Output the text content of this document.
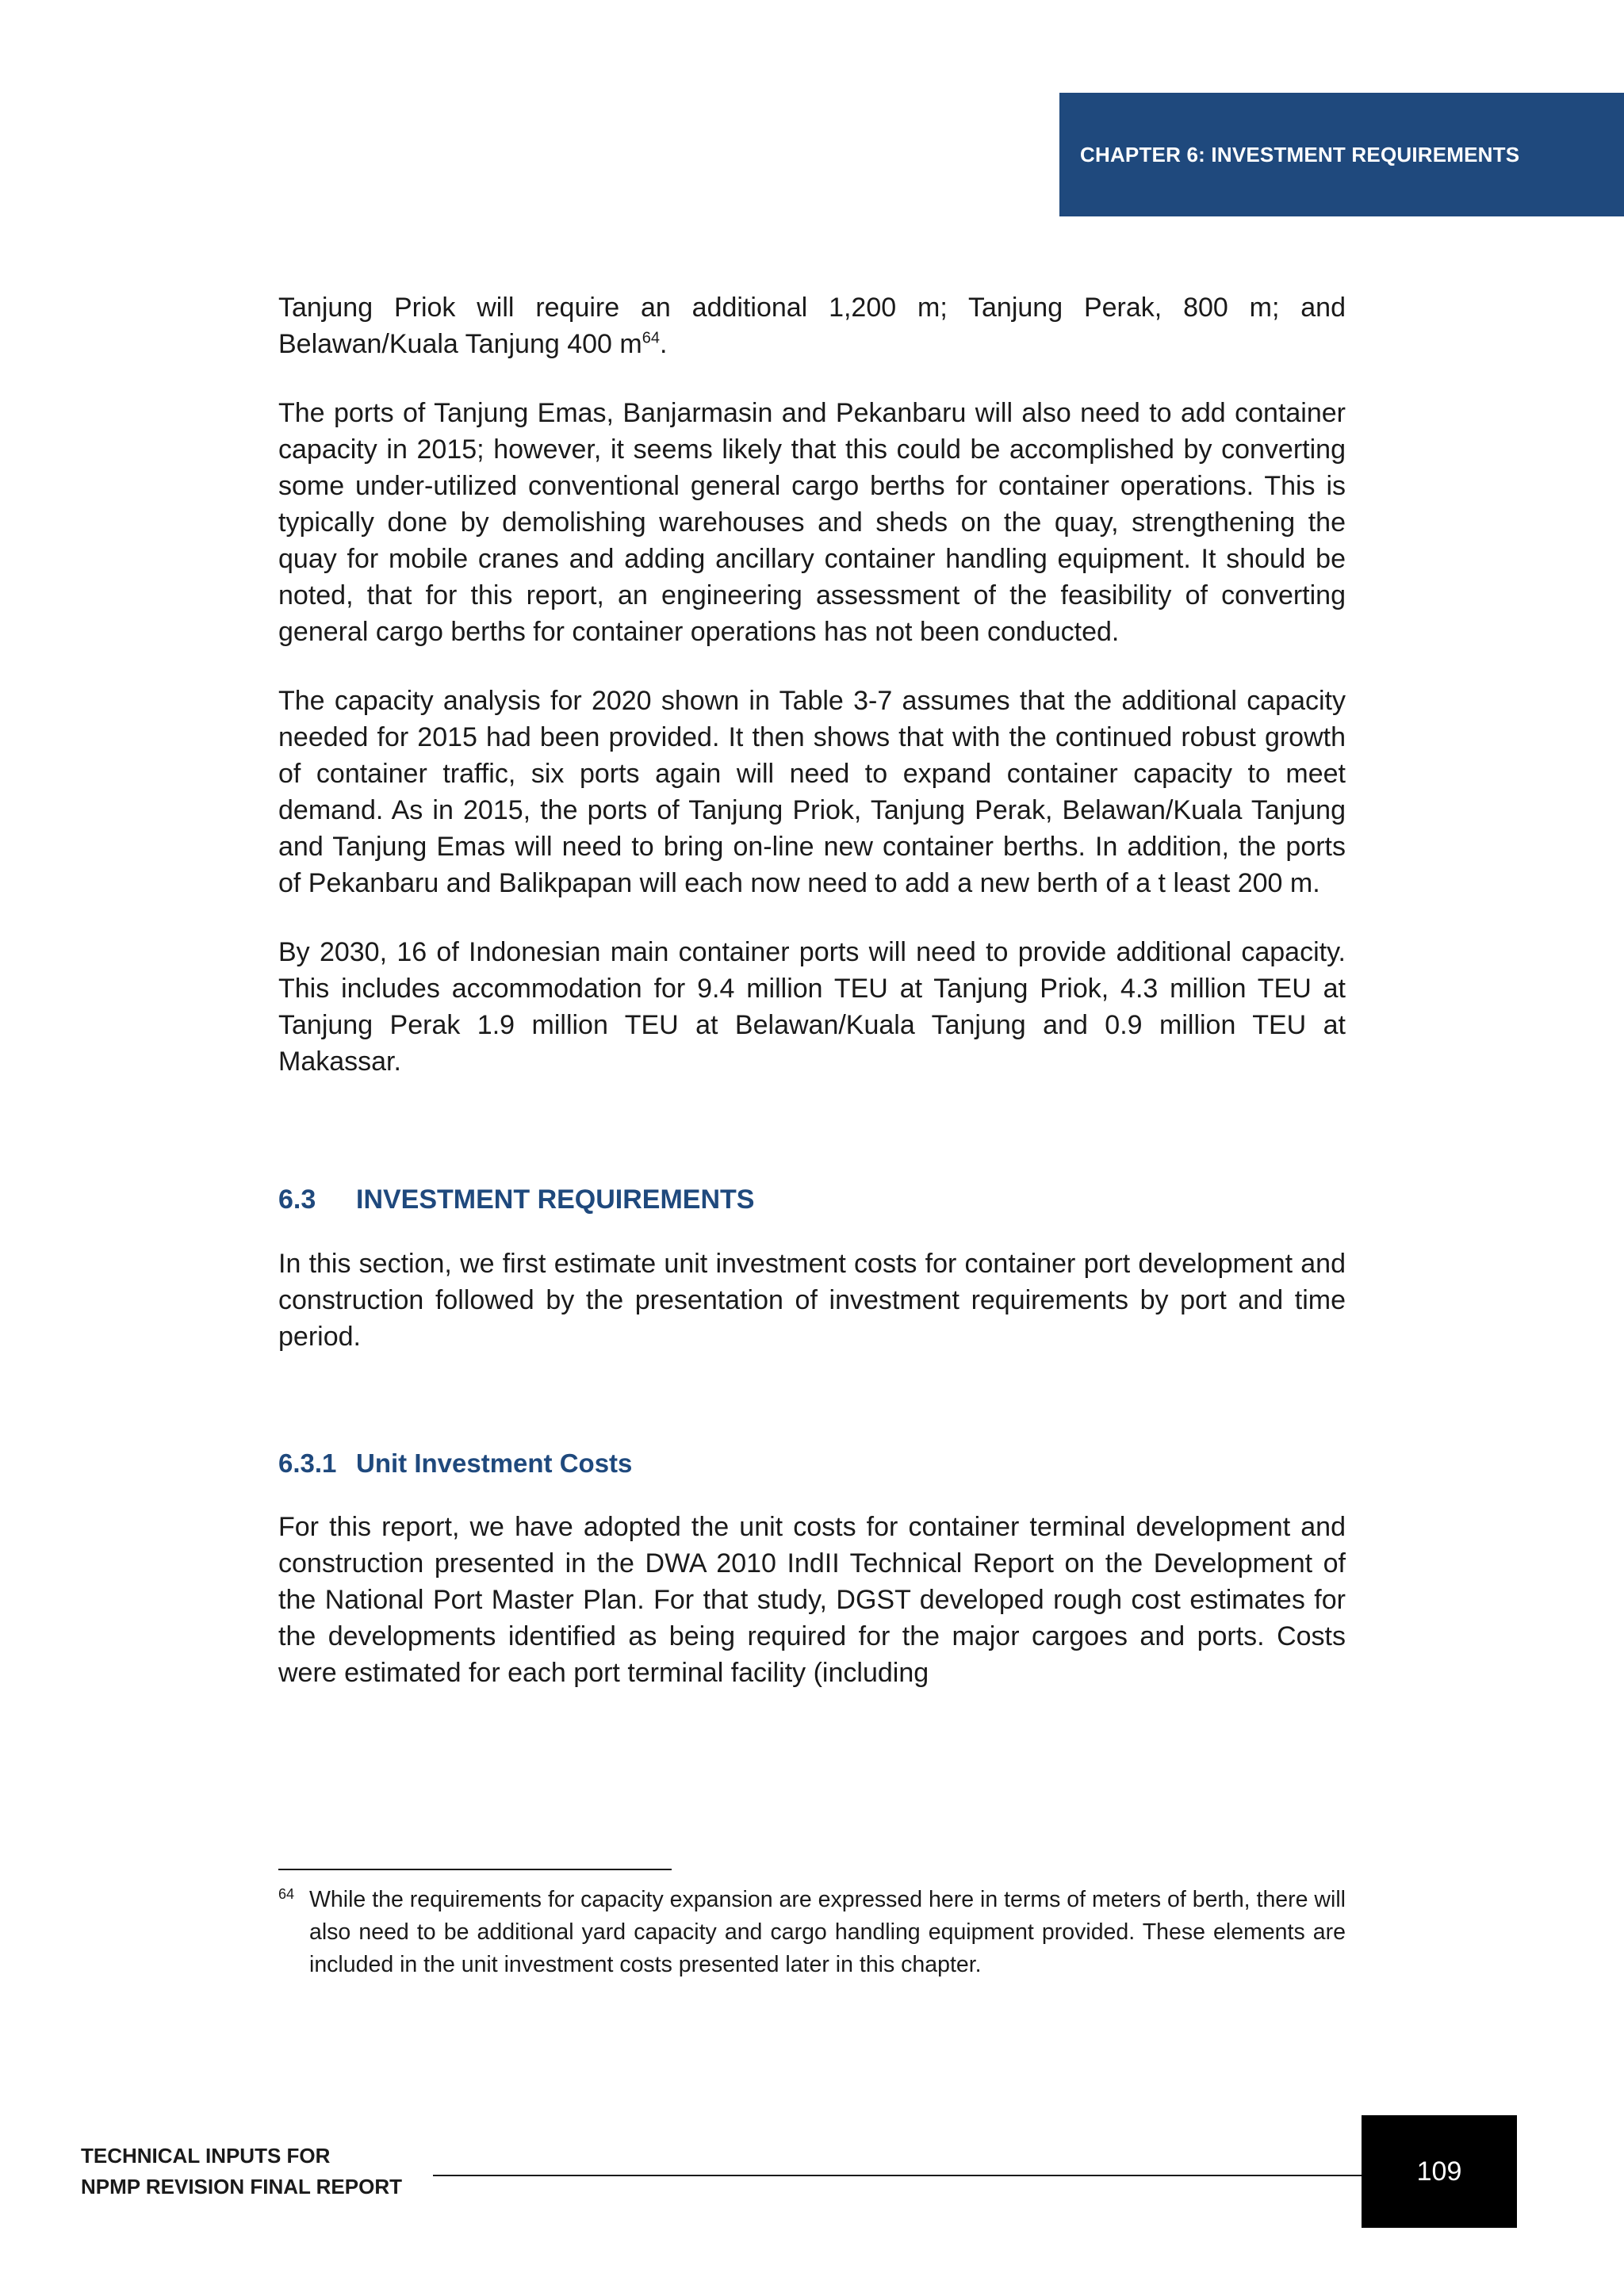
CHAPTER 6: INVESTMENT REQUIREMENTS

Tanjung Priok will require an additional 1,200 m; Tanjung Perak, 800 m; and Belawan/Kuala Tanjung 400 $m^{64}$.

The ports of Tanjung Emas, Banjarmasin and Pekanbaru will also need to add container capacity in 2015; however, it seems likely that this could be accomplished by converting some under-utilized conventional general cargo berths for container operations. This is typically done by demolishing warehouses and sheds on the quay, strengthening the quay for mobile cranes and adding ancillary container handling equipment. It should be noted, that for this report, an engineering assessment of the feasibility of converting general cargo berths for container operations has not been conducted.

The capacity analysis for 2020 shown in Table 3-7 assumes that the additional capacity needed for 2015 had been provided. It then shows that with the continued robust growth of container traffic, six ports again will need to expand container capacity to meet demand. As in 2015, the ports of Tanjung Priok, Tanjung Perak, Belawan/Kuala Tanjung and Tanjung Emas will need to bring on-line new container berths. In addition, the ports of Pekanbaru and Balikpapan will each now need to add a new berth of a t least 200 m.

By 2030, 16 of Indonesian main container ports will need to provide additional capacity. This includes accommodation for 9.4 million TEU at Tanjung Priok, 4.3 million TEU at Tanjung Perak 1.9 million TEU at Belawan/Kuala Tanjung and 0.9 million TEU at Makassar.

6.3	INVESTMENT REQUIREMENTS

In this section, we first estimate unit investment costs for container port development and construction followed by the presentation of investment requirements by port and time period.

6.3.1 Unit Investment Costs

For this report, we have adopted the unit costs for container terminal development and construction presented in the DWA 2010 IndII Technical Report on the Development of the National Port Master Plan. For that study, DGST developed rough cost estimates for the developments identified as being required for the major cargoes and ports. Costs were estimated for each port terminal facility (including

$^{64}$ While the requirements for capacity expansion are expressed here in terms of meters of berth, there will also need to be additional yard capacity and cargo handling equipment provided. These elements are included in the unit investment costs presented later in this chapter.
TECHNICAL INPUTS FOR
NPMP REVISION FINAL REPORT
109
